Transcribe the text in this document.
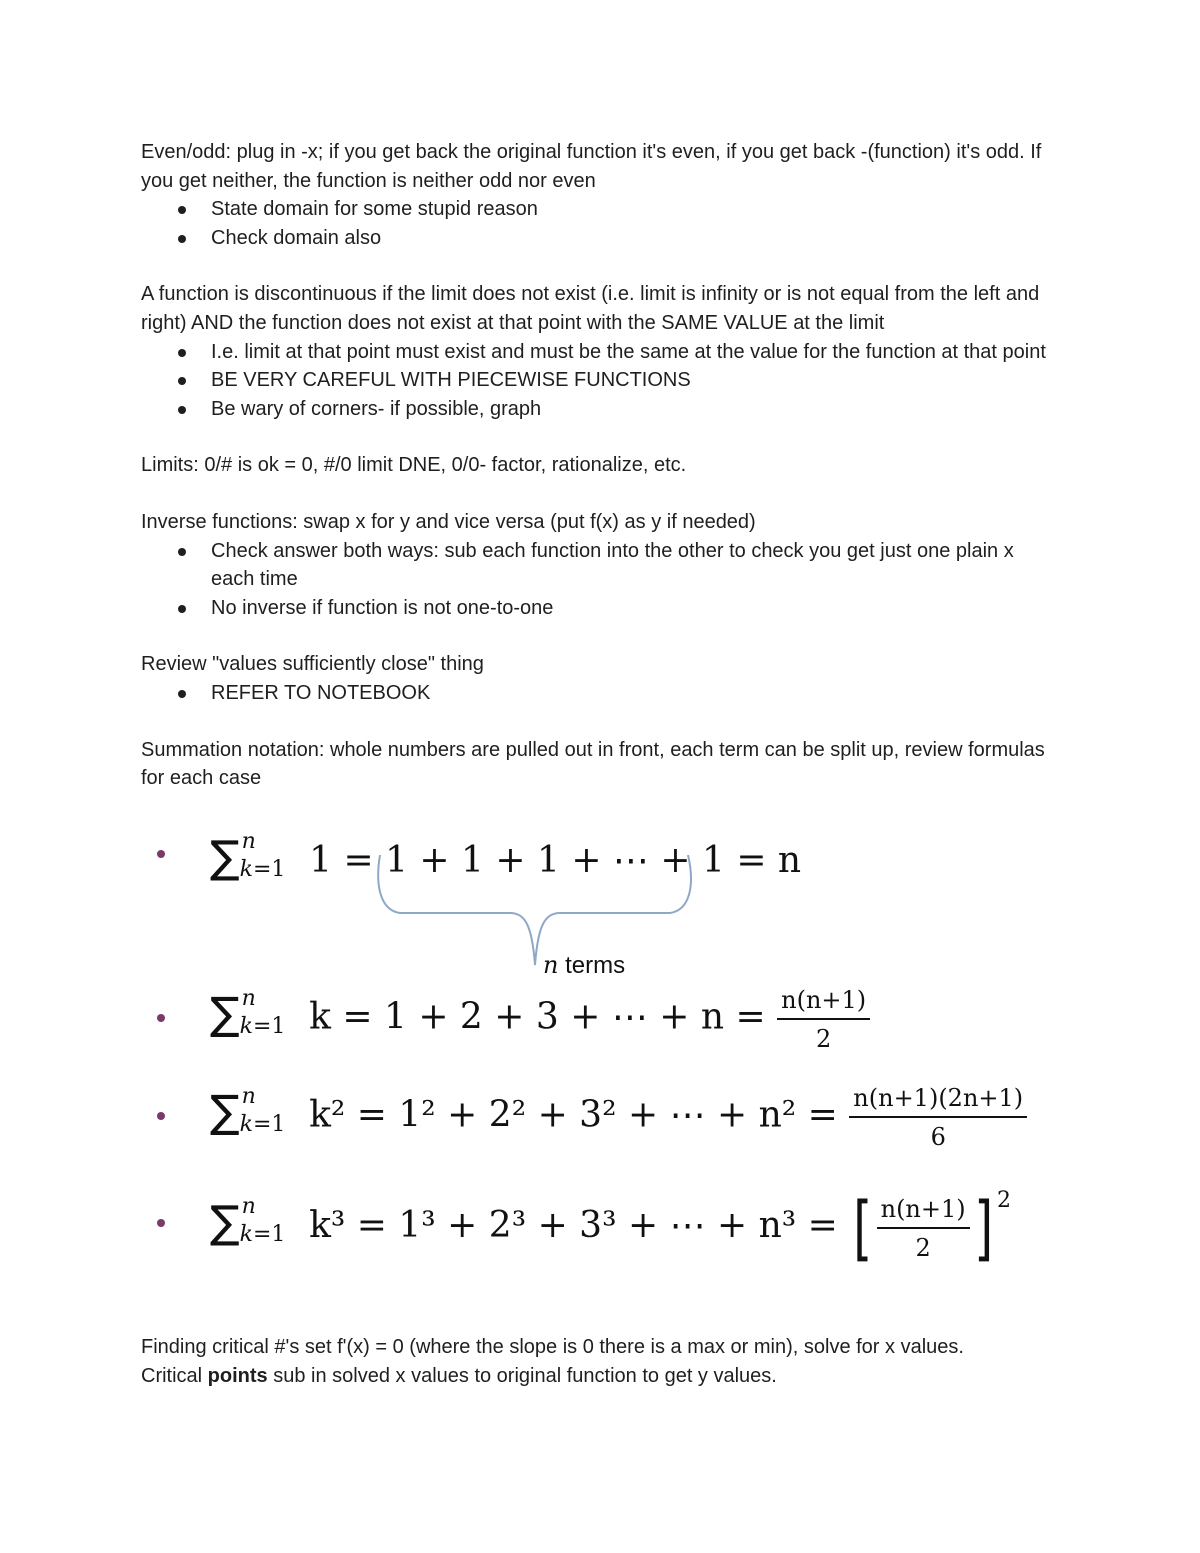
Even/odd: plug in -x; if you get back the original function it's even, if you get back -(function) it's odd. If you get neither, the function is neither odd nor even

State domain for some stupid reason
Check domain also

A function is discontinuous if the limit does not exist (i.e. limit is infinity or is not equal from the left and right) AND the function does not exist at that point with the SAME VALUE at the limit

I.e. limit at that point must exist and must be the same at the value for the function at that point
BE VERY CAREFUL WITH PIECEWISE FUNCTIONS
Be wary of corners- if possible, graph

Limits: 0/# is ok = 0, #/0 limit DNE, 0/0- factor, rationalize, etc.

Inverse functions: swap x for y and vice versa (put f(x) as y if needed)

Check answer both ways: sub each function into the other to check you get just one plain x each time
No inverse if function is not one-to-one

Review "values sufficiently close" thing

REFER TO NOTEBOOK

Summation notation: whole numbers are pulled out in front, each term can be split up, review formulas for each case

∑ n
k=1 1 = 1 + 1 + 1 + ⋯ + 1 = n
n terms
∑ n
k=1 k = 1 + 2 + 3 + ⋯ + $n = \frac{n(n+1)}{2}$
∑ n
k=1 k² = 1² + 2² + 3² + ⋯ + $n^2 = \frac{n(n+1)(2n+1)}{6}$
∑ n
k=1 k³ = 1³ + 2³ + 3³ + ⋯ + n³ = [ $\frac{n(n+1)}{2}$ ] $^2$

Finding critical #'s set f'(x) = 0 (where the slope is 0 there is a max or min), solve for x values.

Critical points sub in solved x values to original function to get y values.
